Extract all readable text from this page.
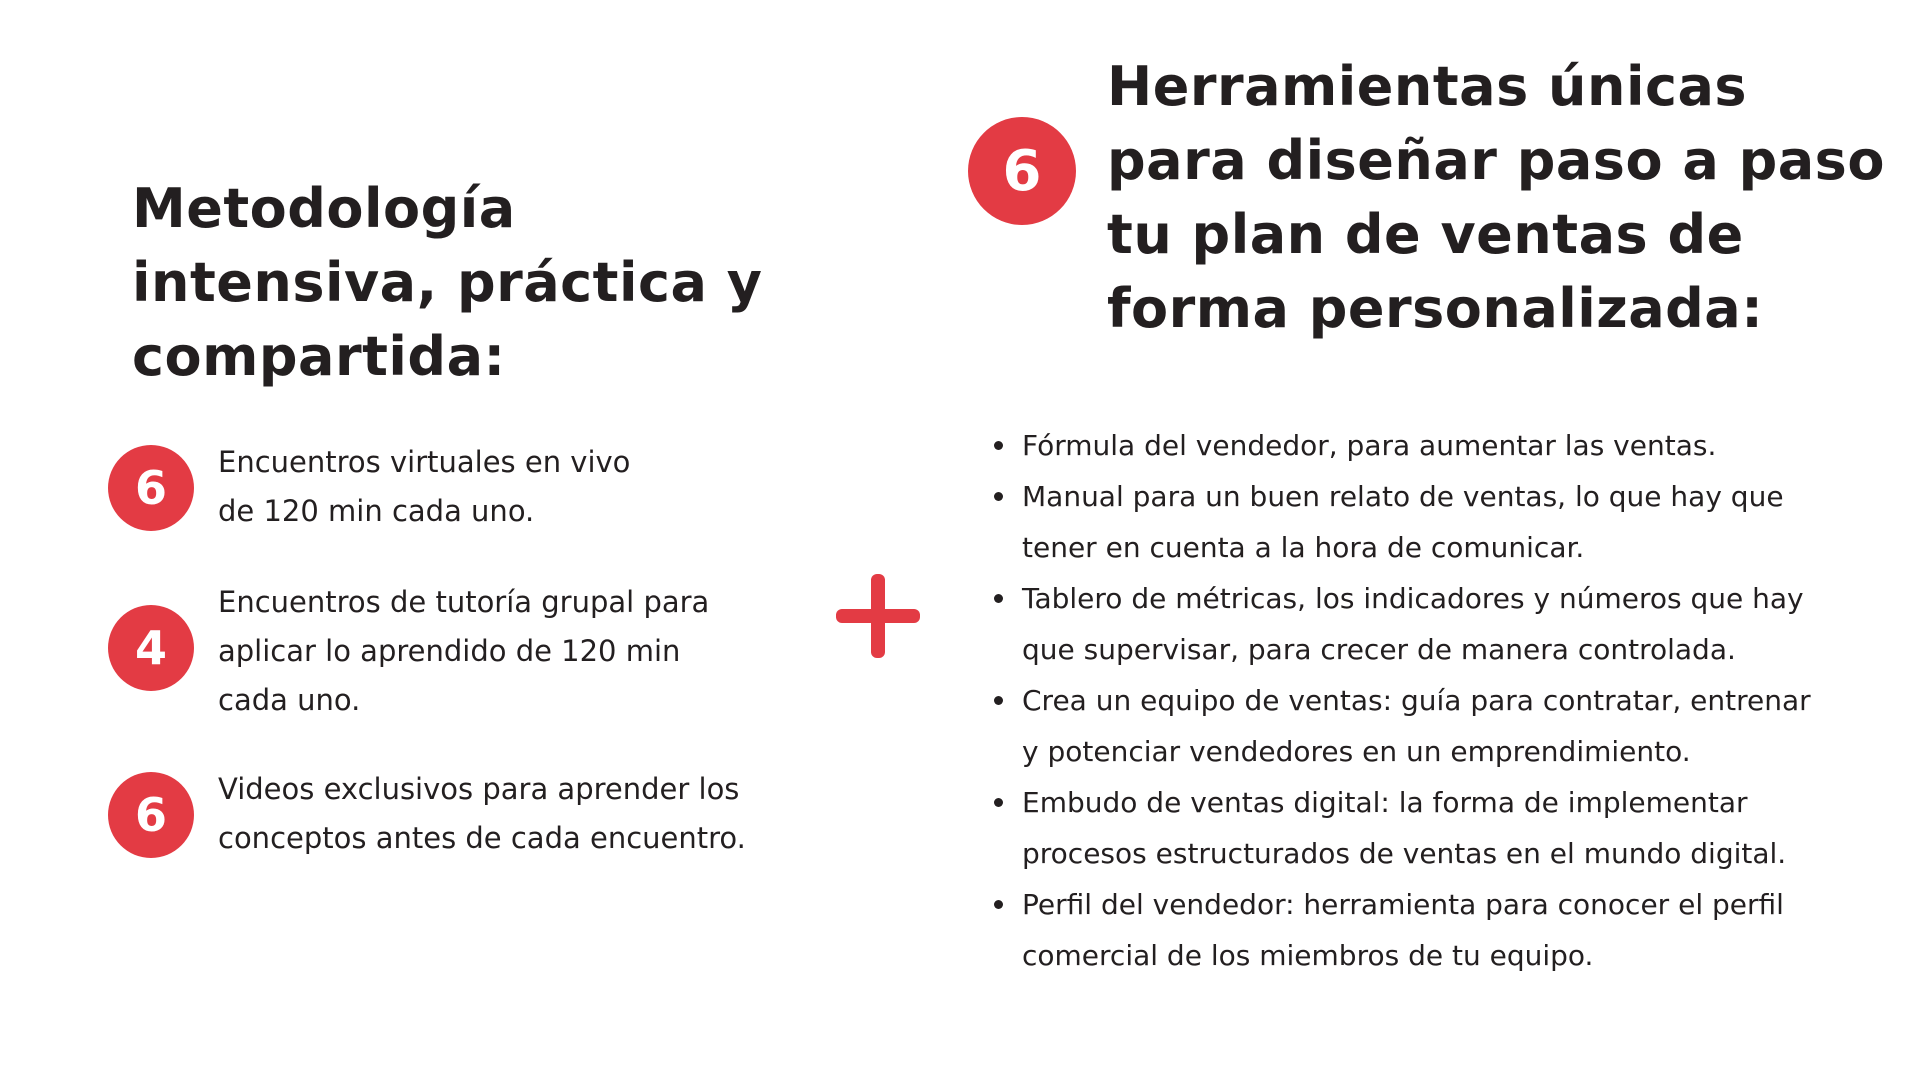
Metodología
intensiva, práctica y
compartida:
6	Encuentros virtuales en vivo
de 120 min cada uno.
4
Encuentros de tutoría grupal para
aplicar lo aprendido de 120 min
cada uno.
6	Videos exclusivos para aprender los
conceptos antes de cada encuentro.
6
Herramientas únicas
para diseñar paso a paso
tu plan de ventas de
forma personalizada:
Fórmula del vendedor, para aumentar las ventas.
Manual para un buen relato de ventas, lo que hay que
tener en cuenta a la hora de comunicar.
Tablero de métricas, los indicadores y números que hay
que supervisar, para crecer de manera controlada.
Crea un equipo de ventas: guía para contratar, entrenar
y potenciar vendedores en un emprendimiento.
Embudo de ventas digital: la forma de implementar
procesos estructurados de ventas en el mundo digital.
Perfil del vendedor: herramienta para conocer el perfil
comercial de los miembros de tu equipo.
